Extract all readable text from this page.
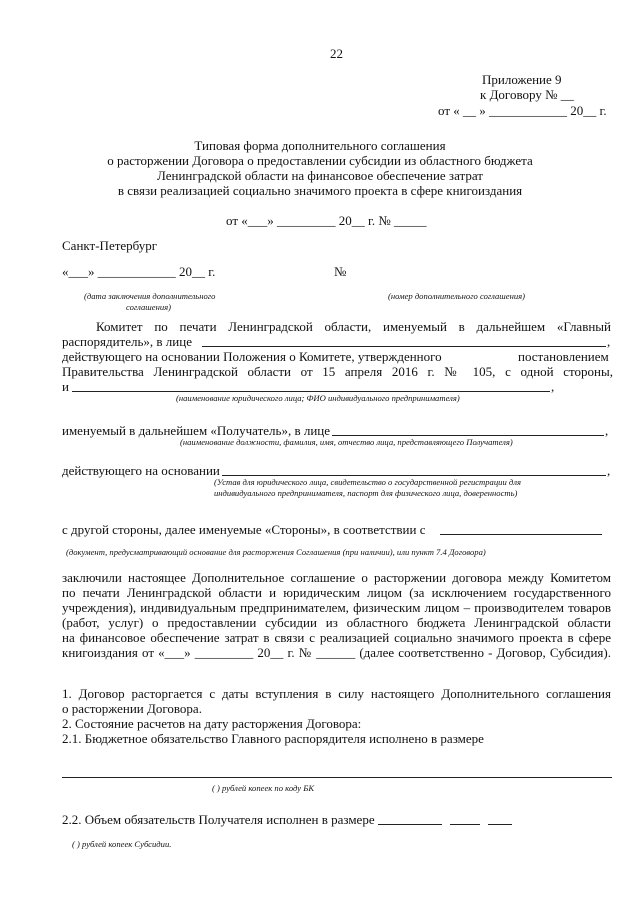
22
Приложение 9
к Договору № __
от « __ » ____________ 20__ г.
Типовая форма дополнительного соглашения
о расторжении Договора о предоставлении субсидии из областного бюджета
Ленинградской области на финансовое обеспечение затрат
в связи реализацией социально значимого проекта в сфере книгоиздания
от «___» _________ 20__ г. № _____
Санкт-Петербург
«___» ____________ 20__ г.	№
(дата заключения дополнительного
соглашения)
(номер дополнительного соглашения)
Комитет по печати Ленинградской области, именуемый в дальнейшем «Главный
распорядитель», в лице	,
действующего на основании Положения о Комитете, утвержденного	постановлением
Правительства Ленинградской области от 15 апреля 2016 г. № 105, с одной стороны,
и	,
(наименование юридического лица; ФИО индивидуального предпринимателя)
именуемый в дальнейшем «Получатель», в лице	,
(наименование должности, фамилия, имя, отчество лица, представляющего Получателя)
действующего на основании	,
(Устав для юридического лица, свидетельство о государственной регистрации для
индивидуального предпринимателя, паспорт для физического лица, доверенность)
с другой стороны, далее именуемые «Стороны», в соответствии с
(документ, предусматривающий основание для расторжения Соглашения (при наличии), или пункт 7.4 Договора)
заключили настоящее Дополнительное соглашение о расторжении договора между Комитетом
по печати Ленинградской области и юридическим лицом (за исключением государственного
учреждения), индивидуальным предпринимателем, физическим лицом – производителем товаров
(работ, услуг) о предоставлении субсидии из областного бюджета Ленинградской области
на финансовое обеспечение затрат в связи с реализацией социально значимого проекта в сфере
книгоиздания от «___» _________ 20__ г. № ______ (далее соответственно - Договор, Субсидия).
1. Договор расторгается с даты вступления в силу настоящего Дополнительного соглашения
о расторжении Договора.
2. Состояние расчетов на дату расторжения Договора:
2.1. Бюджетное обязательство Главного распорядителя исполнено в размере
( ) рублей копеек по коду БК
2.2. Объем обязательств Получателя исполнен в размере
( ) рублей копеек Субсидии.
